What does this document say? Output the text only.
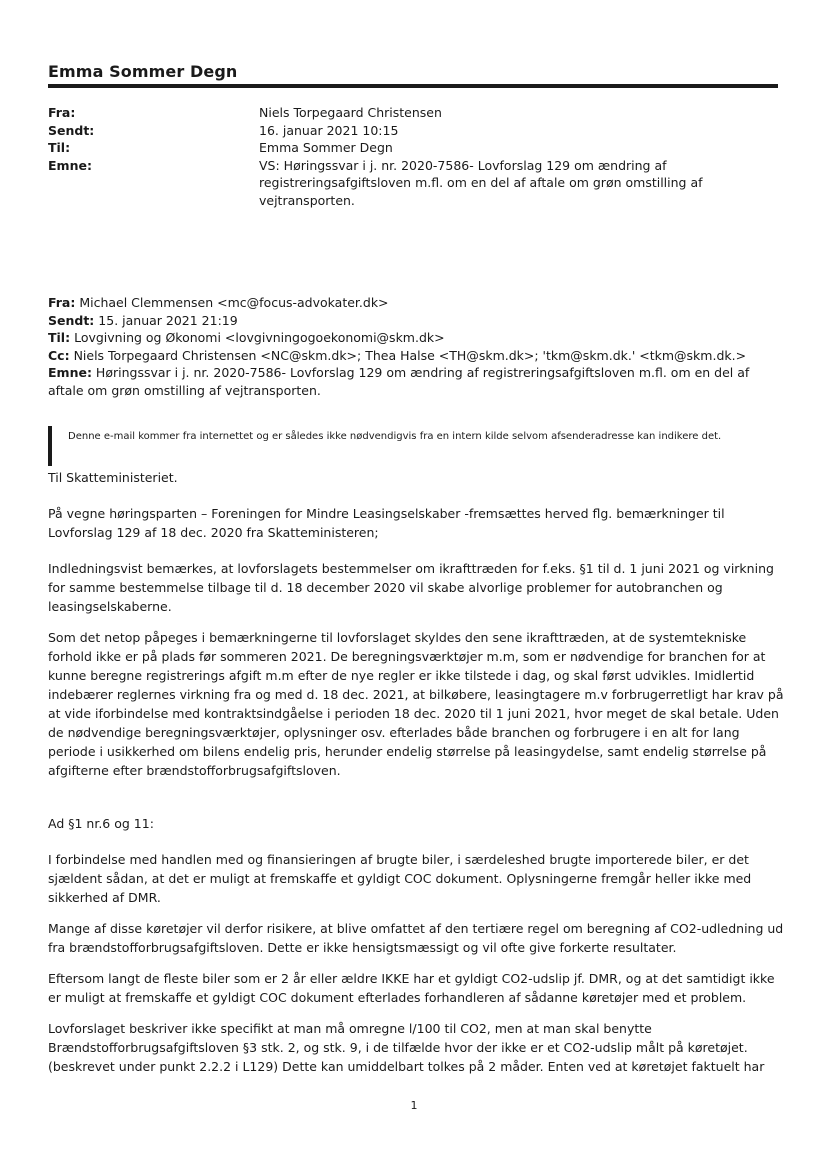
Emma Sommer Degn
Fra:	Niels Torpegaard Christensen
Sendt:	16. januar 2021 10:15
Til:	Emma Sommer Degn
Emne:	VS: Høringssvar i j. nr. 2020-7586- Lovforslag 129 om ændring af registreringsafgiftsloven m.fl. om en del af aftale om grøn omstilling af vejtransporten.
Fra: Michael Clemmensen <mc@focus-advokater.dk>
Sendt: 15. januar 2021 21:19
Til: Lovgivning og Økonomi <lovgivningogoekonomi@skm.dk>
Cc: Niels Torpegaard Christensen <NC@skm.dk>; Thea Halse <TH@skm.dk>; 'tkm@skm.dk.' <tkm@skm.dk.>
Emne: Høringssvar i j. nr. 2020-7586- Lovforslag 129 om ændring af registreringsafgiftsloven m.fl. om en del af aftale om grøn omstilling af vejtransporten.
Denne e-mail kommer fra internettet og er således ikke nødvendigvis fra en intern kilde selvom afsenderadresse kan indikere det.

Til Skatteministeriet.

På vegne høringsparten – Foreningen for Mindre Leasingselskaber -fremsættes herved flg. bemærkninger til Lovforslag 129 af 18 dec. 2020 fra Skatteministeren;

Indledningsvist bemærkes, at lovforslagets bestemmelser om ikrafttræden for f.eks. §1 til d. 1 juni 2021 og virkning for samme bestemmelse tilbage til d. 18 december 2020 vil skabe alvorlige problemer for autobranchen og leasingselskaberne.

Som det netop påpeges i bemærkningerne til lovforslaget skyldes den sene ikrafttræden, at de systemtekniske forhold ikke er på plads før sommeren 2021. De beregningsværktøjer m.m, som er nødvendige for branchen for at kunne beregne registrerings afgift m.m efter de nye regler er ikke tilstede i dag, og skal først udvikles. Imidlertid indebærer reglernes virkning fra og med d. 18 dec. 2021, at bilkøbere, leasingtagere m.v forbrugerretligt har krav på at vide iforbindelse med kontraktsindgåelse i perioden 18 dec. 2020 til 1 juni 2021, hvor meget de skal betale. Uden de nødvendige beregningsværktøjer, oplysninger osv. efterlades både branchen og forbrugere i en alt for lang periode i usikkerhed om bilens endelig pris, herunder endelig størrelse på leasingydelse, samt endelig størrelse på afgifterne efter brændstofforbrugsafgiftsloven.

Ad §1 nr.6 og 11:

I forbindelse med handlen med og finansieringen af brugte biler, i særdeleshed brugte importerede biler, er det sjældent sådan, at det er muligt at fremskaffe et gyldigt COC dokument. Oplysningerne fremgår heller ikke med sikkerhed af DMR.

Mange af disse køretøjer vil derfor risikere, at blive omfattet af den tertiære regel om beregning af CO2-udledning ud fra brændstofforbrugsafgiftsloven. Dette er ikke hensigtsmæssigt og vil ofte give forkerte resultater.

Eftersom langt de fleste biler som er 2 år eller ældre IKKE har et gyldigt CO2-udslip jf. DMR, og at det samtidigt ikke er muligt at fremskaffe et gyldigt COC dokument efterlades forhandleren af sådanne køretøjer med et problem.

Lovforslaget beskriver ikke specifikt at man må omregne l/100 til CO2, men at man skal benytte Brændstofforbrugsafgiftsloven §3 stk. 2, og stk. 9, i de tilfælde hvor der ikke er et CO2-udslip målt på køretøjet. (beskrevet under punkt 2.2.2 i L129) Dette kan umiddelbart tolkes på 2 måder. Enten ved at køretøjet faktuelt har

1
